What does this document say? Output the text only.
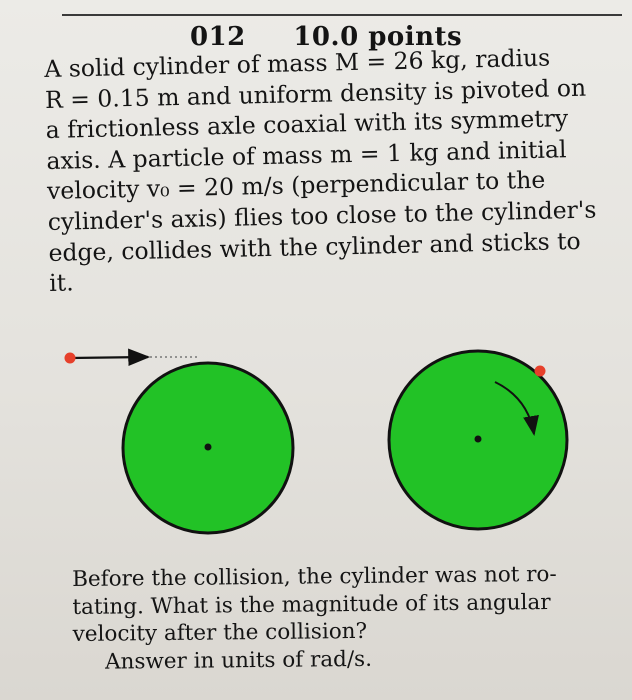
012 10.0 points
A solid cylinder of mass M = 26 kg, radius
R = 0.15 m and uniform density is pivoted on
a frictionless axle coaxial with its symmetry
axis. A particle of mass m = 1 kg and initial
velocity v₀ = 20 m/s (perpendicular to the
cylinder's axis) flies too close to the cylinder's
edge, collides with the cylinder and sticks to
it.
Before the collision, the cylinder was not ro-
tating. What is the magnitude of its angular
velocity after the collision?
Answer in units of rad/s.
